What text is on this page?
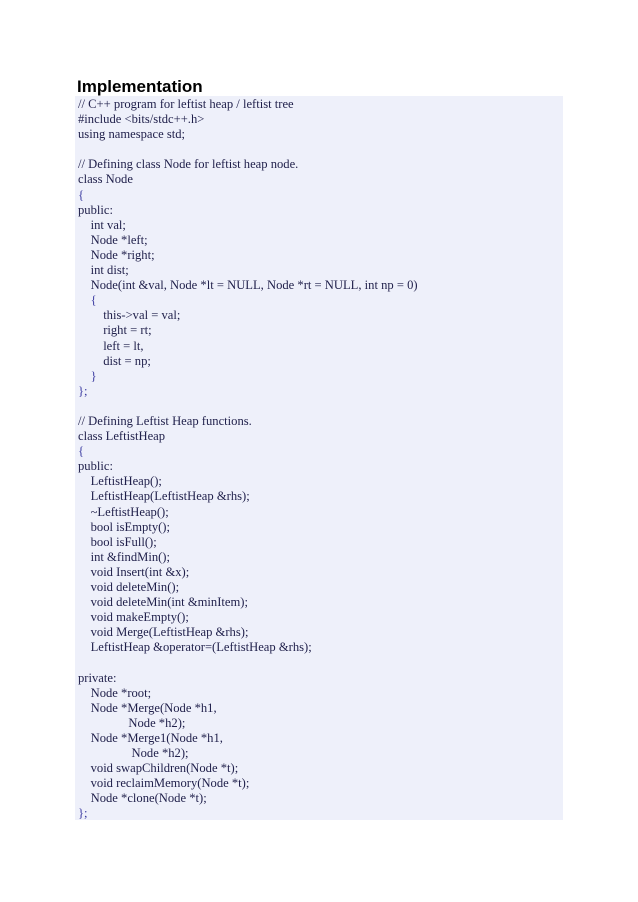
Implementation
// C++ program for leftist heap / leftist tree
#include <bits/stdc++.h>
using namespace std;
// Defining class Node for leftist heap node.
class Node
{
public:
int val;
Node *left;
Node *right;
int dist;
Node(int &val, Node *lt = NULL, Node *rt = NULL, int np = 0)
{
this->val = val;
right = rt;
left = lt,
dist = np;
}
};
// Defining Leftist Heap functions.
class LeftistHeap
{
public:
LeftistHeap();
LeftistHeap(LeftistHeap &rhs);
~LeftistHeap();
bool isEmpty();
bool isFull();
int &findMin();
void Insert(int &x);
void deleteMin();
void deleteMin(int &minItem);
void makeEmpty();
void Merge(LeftistHeap &rhs);
LeftistHeap &operator=(LeftistHeap &rhs);
private:
Node *root;
Node *Merge(Node *h1,
Node *h2);
Node *Merge1(Node *h1,
Node *h2);
void swapChildren(Node *t);
void reclaimMemory(Node *t);
Node *clone(Node *t);
};
